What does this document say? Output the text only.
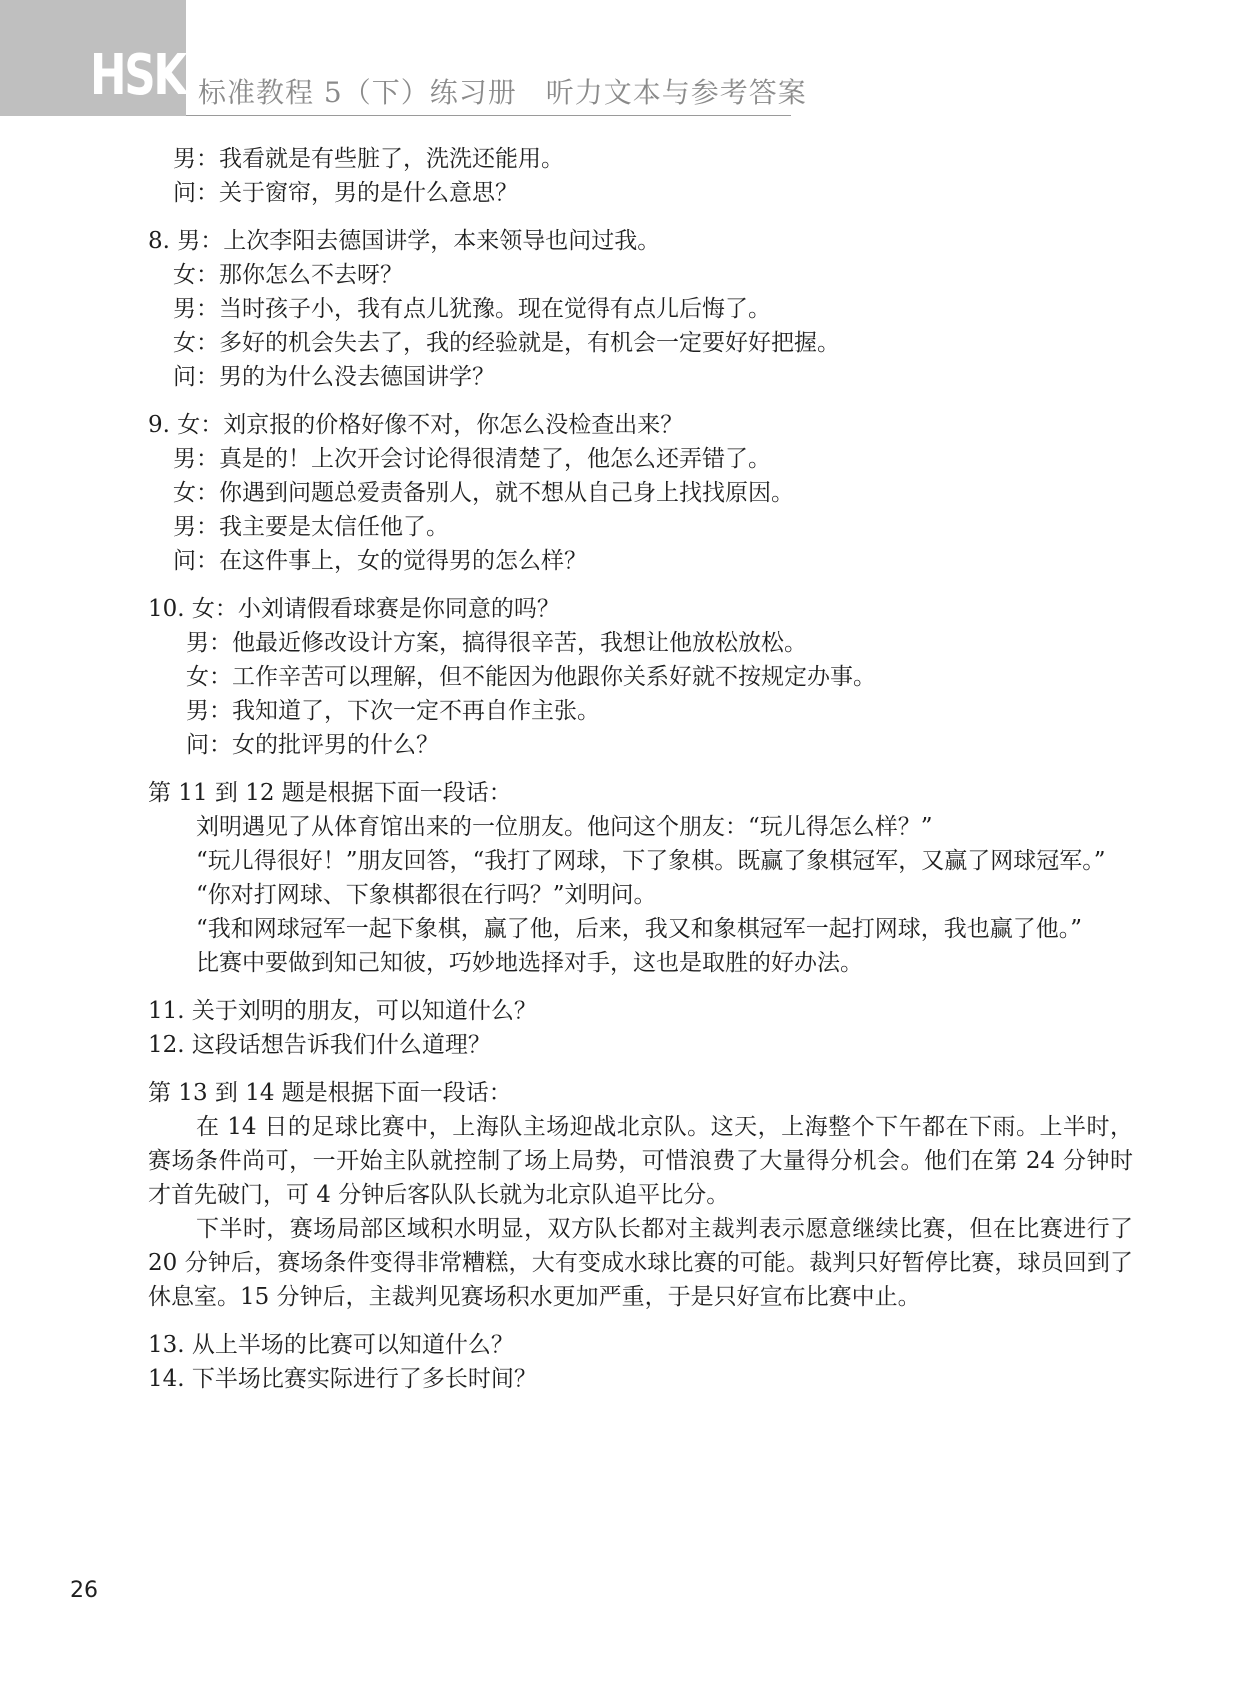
HSK 标准教程 5（下）练习册　听力文本与参考答案
男：我看就是有些脏了，洗洗还能用。
问：关于窗帘，男的是什么意思？
8. 男：上次李阳去德国讲学，本来领导也问过我。
女：那你怎么不去呀？
男：当时孩子小，我有点儿犹豫。现在觉得有点儿后悔了。
女：多好的机会失去了，我的经验就是，有机会一定要好好把握。
问：男的为什么没去德国讲学？
9. 女：刘京报的价格好像不对，你怎么没检查出来？
男：真是的！上次开会讨论得很清楚了，他怎么还弄错了。
女：你遇到问题总爱责备别人，就不想从自己身上找找原因。
男：我主要是太信任他了。
问：在这件事上，女的觉得男的怎么样？
10. 女：小刘请假看球赛是你同意的吗？
男：他最近修改设计方案，搞得很辛苦，我想让他放松放松。
女：工作辛苦可以理解，但不能因为他跟你关系好就不按规定办事。
男：我知道了，下次一定不再自作主张。
问：女的批评男的什么？
第 11 到 12 题是根据下面一段话：

刘明遇见了从体育馆出来的一位朋友。他问这个朋友：“玩儿得怎么样？”

“玩儿得很好！”朋友回答，“我打了网球，下了象棋。既赢了象棋冠军，又赢了网球冠军。”

“你对打网球、下象棋都很在行吗？”刘明问。

“我和网球冠军一起下象棋，赢了他，后来，我又和象棋冠军一起打网球，我也赢了他。”

比赛中要做到知己知彼，巧妙地选择对手，这也是取胜的好办法。

11. 关于刘明的朋友，可以知道什么？
12. 这段话想告诉我们什么道理？
第 13 到 14 题是根据下面一段话：

在 14 日的足球比赛中，上海队主场迎战北京队。这天，上海整个下午都在下雨。上半时，赛场条件尚可，一开始主队就控制了场上局势，可惜浪费了大量得分机会。他们在第 24 分钟时才首先破门，可 4 分钟后客队队长就为北京队追平比分。

下半时，赛场局部区域积水明显，双方队长都对主裁判表示愿意继续比赛，但在比赛进行了 20 分钟后，赛场条件变得非常糟糕，大有变成水球比赛的可能。裁判只好暂停比赛，球员回到了休息室。15 分钟后，主裁判见赛场积水更加严重，于是只好宣布比赛中止。

13. 从上半场的比赛可以知道什么？
14. 下半场比赛实际进行了多长时间？
26
